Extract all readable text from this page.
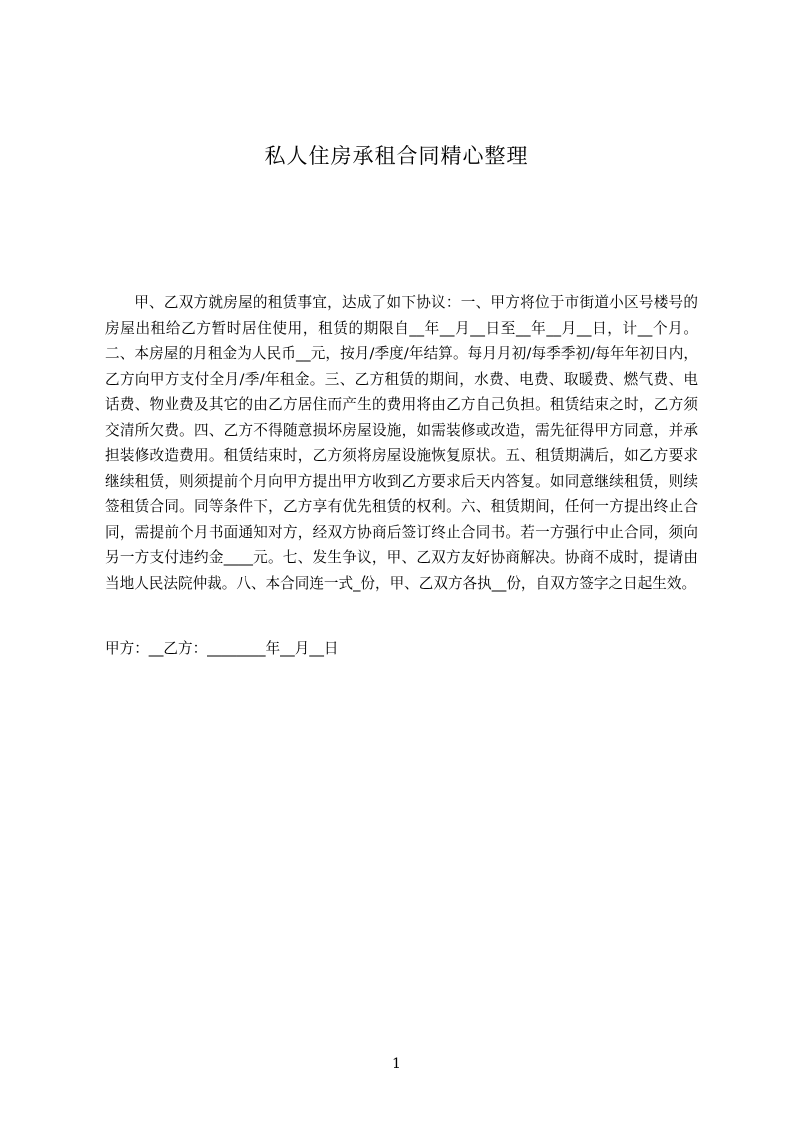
私人住房承租合同精心整理

甲、乙双方就房屋的租赁事宜，达成了如下协议：一、甲方将位于市街道小区号楼号的房屋出租给乙方暂时居住使用，租赁的期限自__年__月__日至__年__月__日，计__个月。二、本房屋的月租金为人民币__元，按月/季度/年结算。每月月初/每季季初/每年年初日内，乙方向甲方支付全月/季/年租金。三、乙方租赁的期间，水费、电费、取暖费、燃气费、电话费、物业费及其它的由乙方居住而产生的费用将由乙方自己负担。租赁结束之时，乙方须交清所欠费。四、乙方不得随意损坏房屋设施，如需装修或改造，需先征得甲方同意，并承担装修改造费用。租赁结束时，乙方须将房屋设施恢复原状。五、租赁期满后，如乙方要求继续租赁，则须提前个月向甲方提出甲方收到乙方要求后天内答复。如同意继续租赁，则续签租赁合同。同等条件下，乙方享有优先租赁的权利。六、租赁期间，任何一方提出终止合同，需提前个月书面通知对方，经双方协商后签订终止合同书。若一方强行中止合同，须向另一方支付违约金____元。七、发生争议，甲、乙双方友好协商解决。协商不成时，提请由当地人民法院仲裁。八、本合同连一式_份，甲、乙双方各执__份，自双方签字之日起生效。

甲方：__乙方：________年__月__日

1
